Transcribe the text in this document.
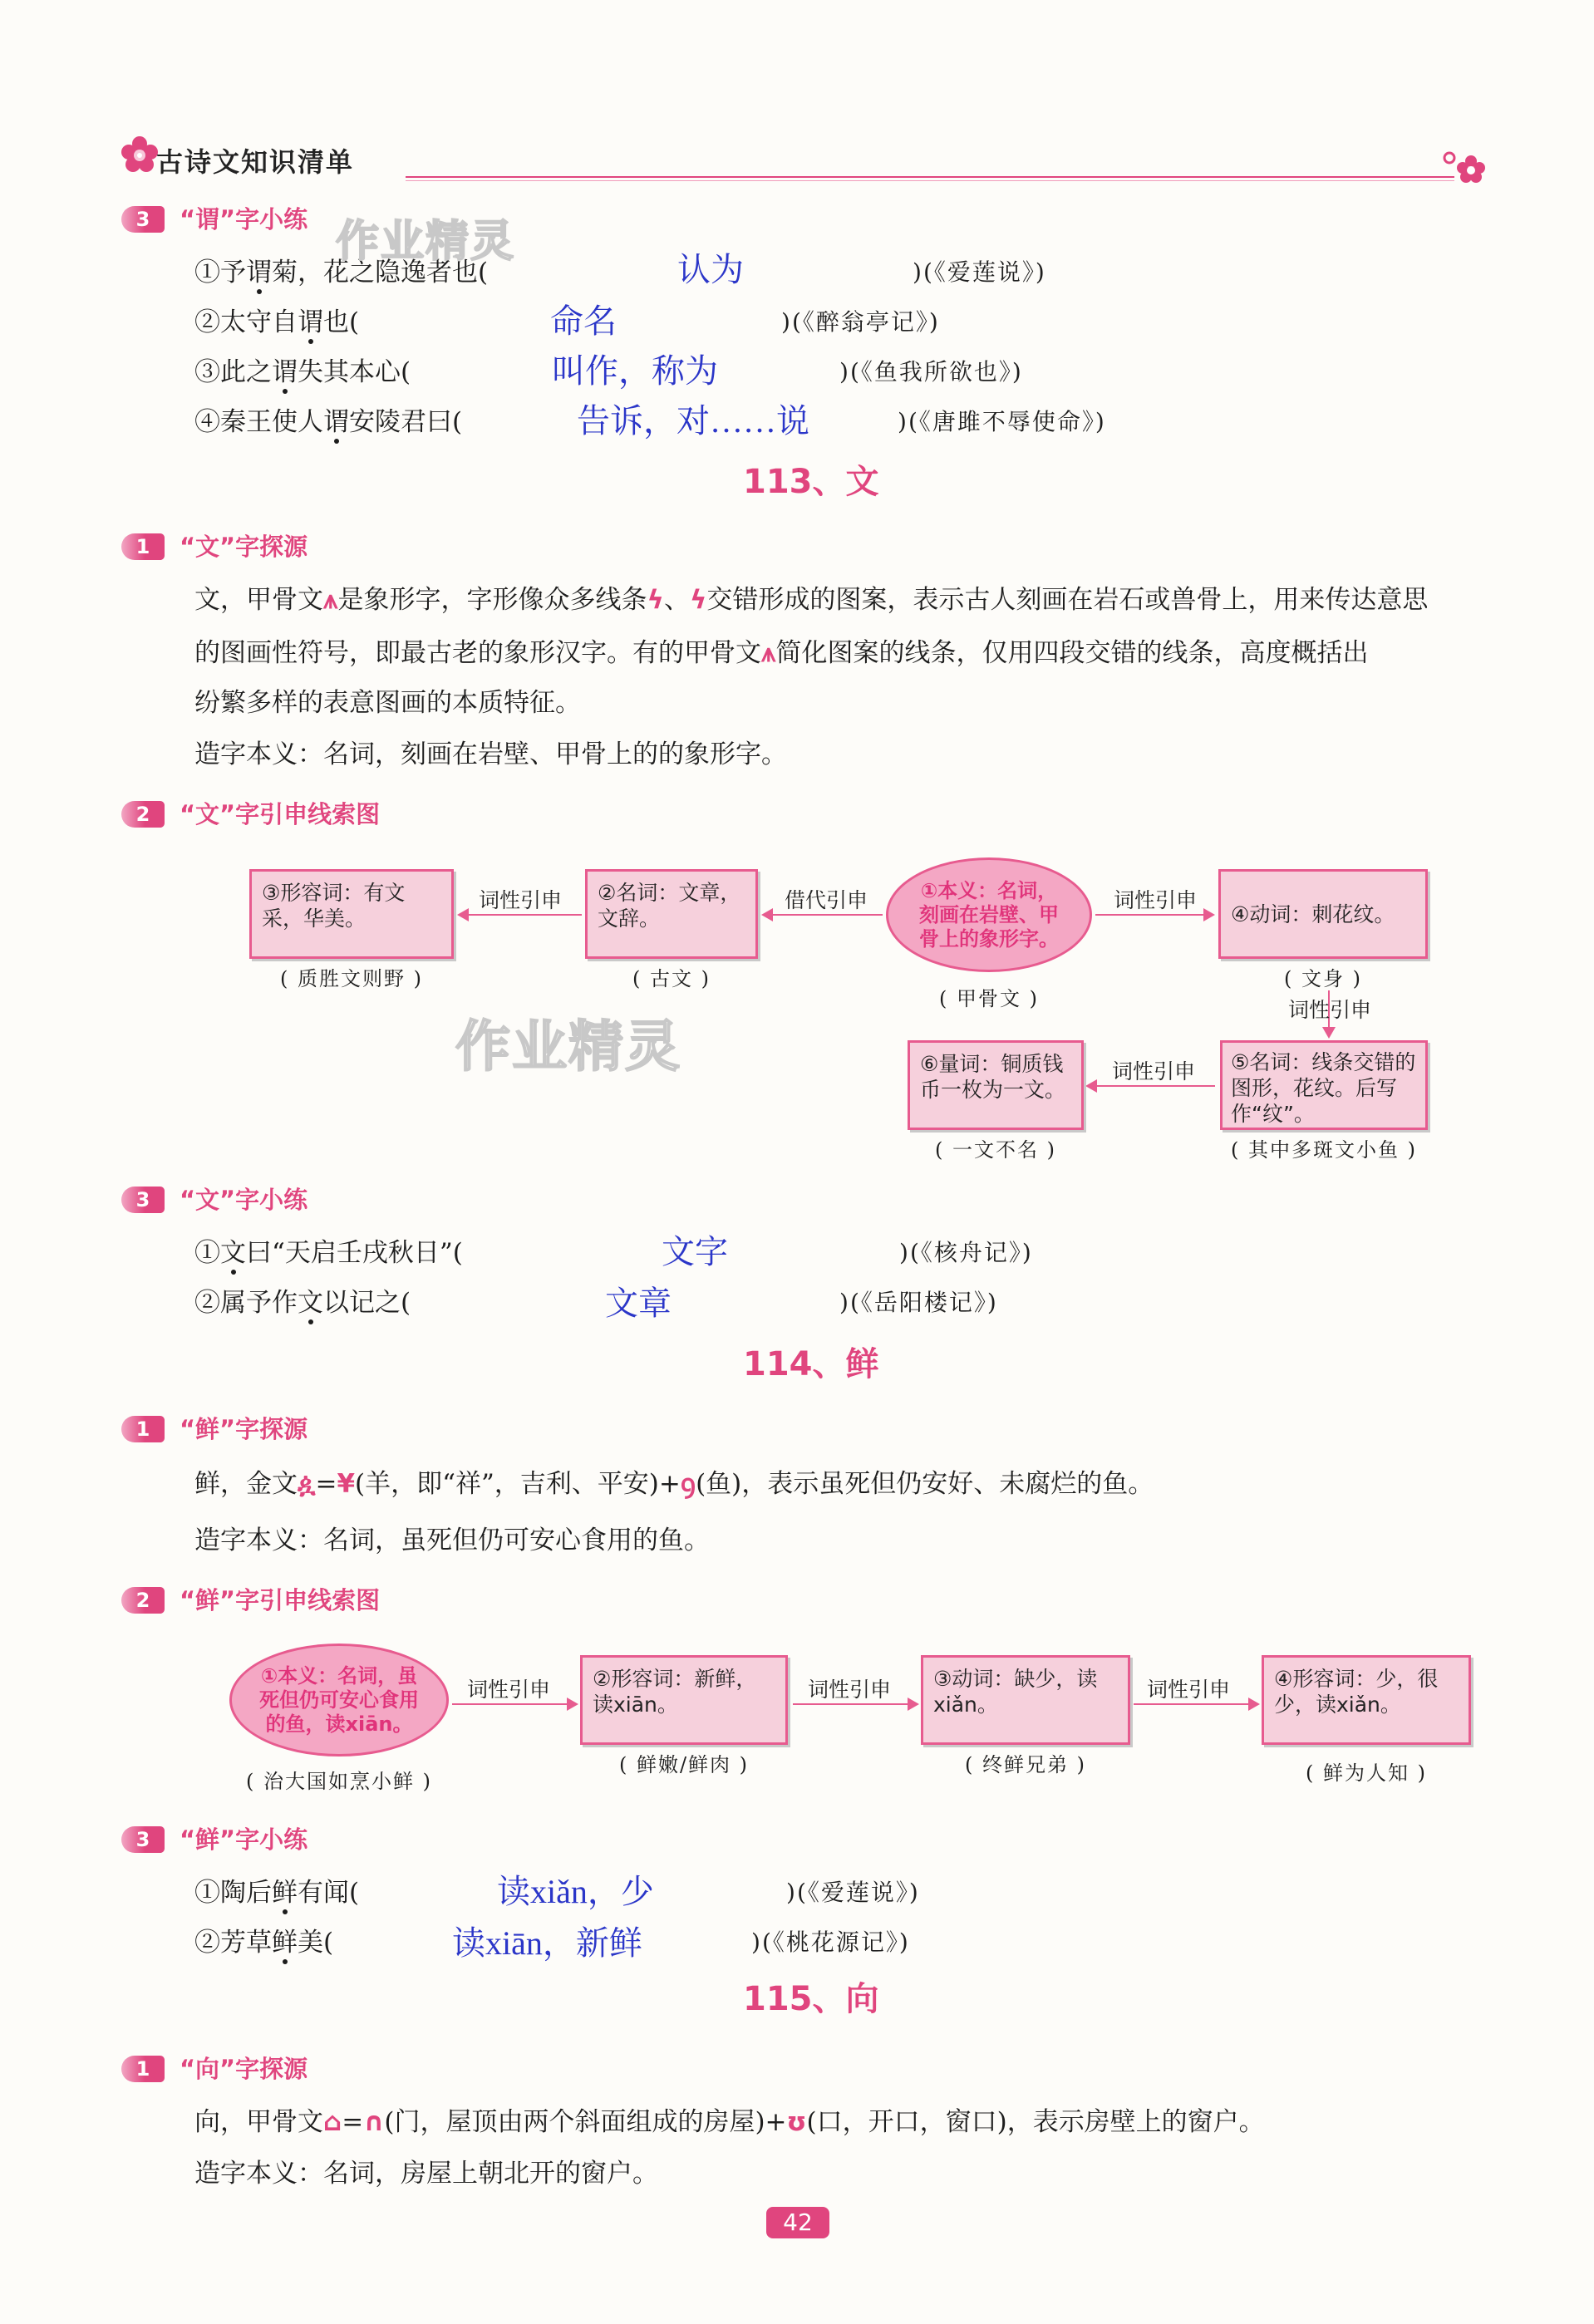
古诗文知识清单
3 “谓”字小练
①予谓菊，花之隐逸者也(	认为	)(《爱莲说》)
②太守自谓也(	命名	)(《醉翁亭记》)
③此之谓失其本心(	叫作，称为	)(《鱼我所欲也》)
④秦王使人谓安陵君曰(	告诉，对……说	)(《唐雎不辱使命》)
作业精灵
113、文
1 “文”字探源
文，甲骨文⩚是象形字，字形像众多线条ϟ、ϟ交错形成的图案，表示古人刻画在岩石或兽骨上，用来传达意思
的图画性符号，即最古老的象形汉字。有的甲骨文⩚简化图案的线条，仅用四段交错的线条，高度概括出
纷繁多样的表意图画的本质特征。
造字本义：名词，刻画在岩壁、甲骨上的的象形字。
2 “文”字引申线索图
③形容词：有文采，华美。
( 质胜文则野 )
词性引申	②名词：文章，文辞。
( 古文 )
借代引申	①本义：名词，刻画在岩壁、甲骨上的象形字。
( 甲骨文 )
词性引申
④动词：刺花纹。
( 文身 )
词性引申
⑤名词：线条交错的图形，花纹。后写作“纹”。
( 其中多斑文小鱼 )
词性引申
⑥量词：铜质钱币一枚为一文。
( 一文不名 )
作业精灵
3 “文”字小练
①文曰“天启壬戌秋日”(	文字	)(《核舟记》)
②属予作文以记之(	文章	)(《岳阳楼记》)
114、鲜
1 “鲜”字探源
鲜，金文ዿ=¥(羊，即“祥”，吉利、平安)+ꝯ(鱼)，表示虽死但仍安好、未腐烂的鱼。
造字本义：名词，虽死但仍可安心食用的鱼。
2 “鲜”字引申线索图
①本义：名词，虽死但仍可安心食用的鱼，读xiān。
( 治大国如烹小鲜 )
词性引申	②形容词：新鲜，读xiān。
( 鲜嫩/鲜肉 )
词性引申	③动词：缺少，读xiǎn。
( 终鲜兄弟 )
词性引申	④形容词：少，很少，读xiǎn。
( 鲜为人知 )
3 “鲜”字小练
①陶后鲜有闻(	读xiǎn，少	)(《爱莲说》)
②芳草鲜美(	读xiān，新鲜	)(《桃花源记》)
115、向
1 “向”字探源
向，甲骨文⌂=∩(门，屋顶由两个斜面组成的房屋)+ʊ(口，开口，窗口)，表示房壁上的窗户。
造字本义：名词，房屋上朝北开的窗户。
42
